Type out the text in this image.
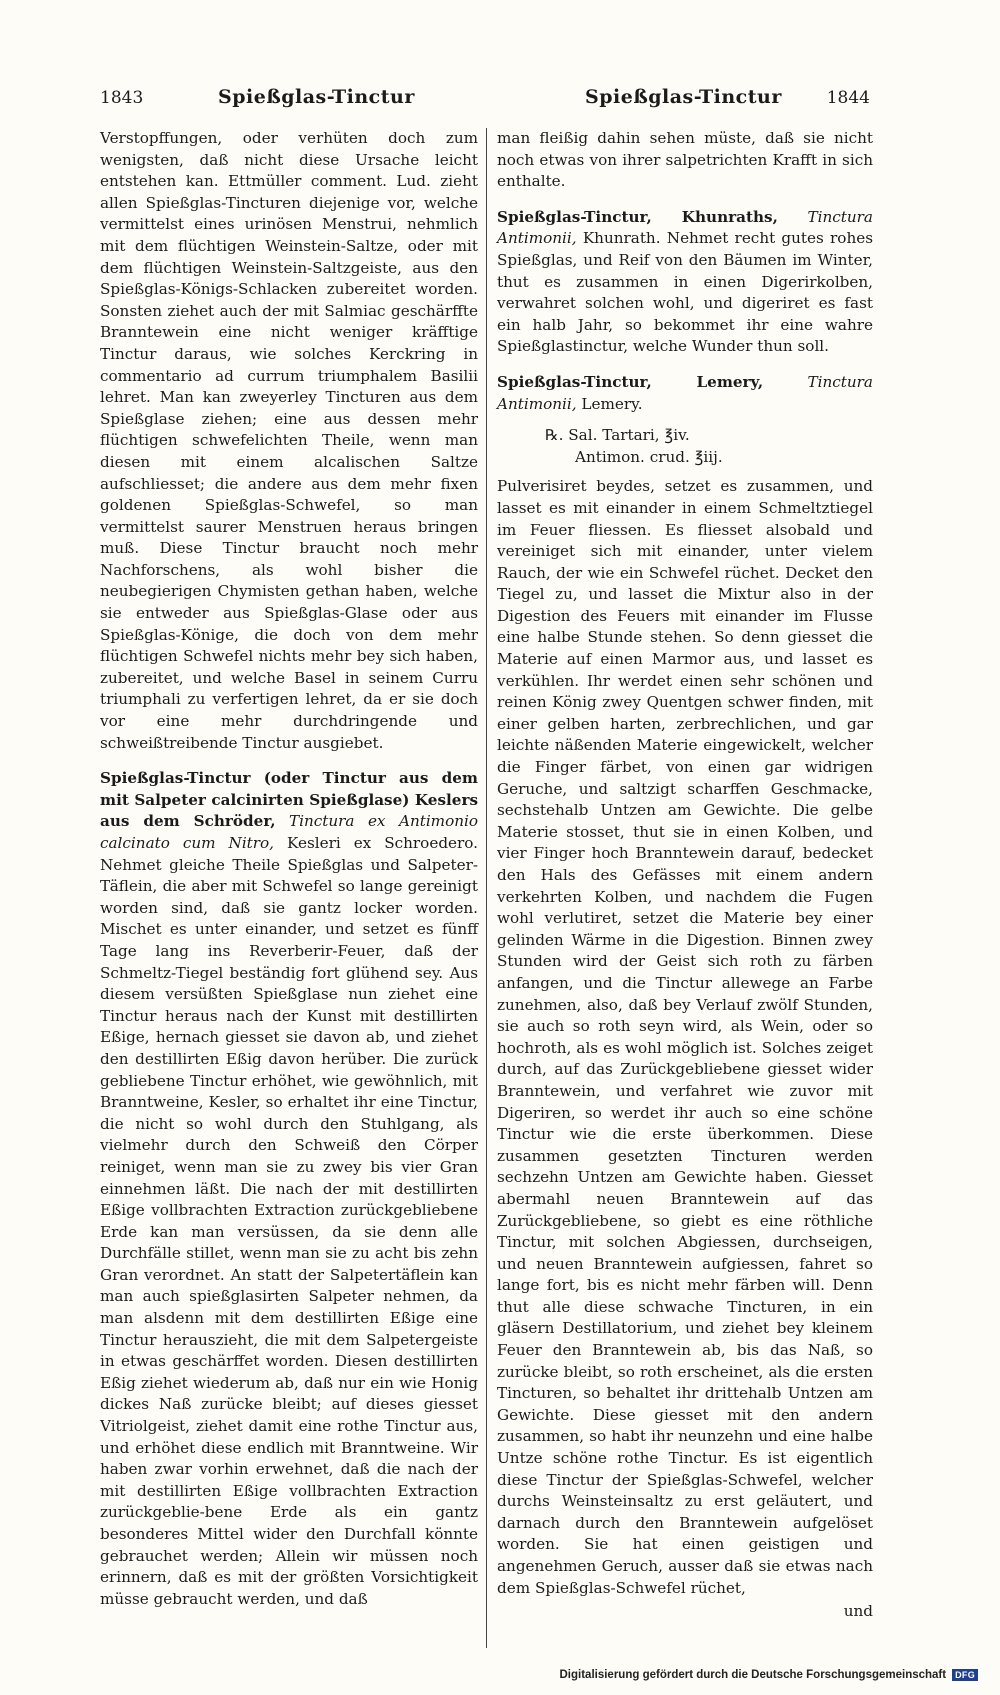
1843	Spießglas-Tinctur	Spießglas-Tinctur	1844

Verstopffungen, oder verhüten doch zum wenigsten, daß nicht diese Ursache leicht entstehen kan. Ettmüller comment. Lud. zieht allen Spießglas-Tincturen diejenige vor, welche vermittelst eines urinösen Menstrui, nehmlich mit dem flüchtigen Weinstein-Saltze, oder mit dem flüchtigen Weinstein-Saltzgeiste, aus den Spießglas-Königs-Schlacken zubereitet worden. Sonsten ziehet auch der mit Salmiac geschärffte Branntewein eine nicht weniger kräfftige Tinctur daraus, wie solches Kerckring in commentario ad currum triumphalem Basilii lehret. Man kan zweyerley Tincturen aus dem Spießglase ziehen; eine aus dessen mehr flüchtigen schwefelichten Theile, wenn man diesen mit einem alcalischen Saltze aufschliesset; die andere aus dem mehr fixen goldenen Spießglas-Schwefel, so man vermittelst saurer Menstruen heraus bringen muß. Diese Tinctur braucht noch mehr Nachforschens, als wohl bisher die neubegierigen Chymisten gethan haben, welche sie entweder aus Spießglas-Glase oder aus Spießglas-Könige, die doch von dem mehr flüchtigen Schwefel nichts mehr bey sich haben, zubereitet, und welche Basel in seinem Curru triumphali zu verfertigen lehret, da er sie doch vor eine mehr durchdringende und schweißtreibende Tinctur ausgiebet.

Spießglas-Tinctur (oder Tinctur aus dem mit Salpeter calcinirten Spießglase) Keslers aus dem Schröder, Tinctura ex Antimonio calcinato cum Nitro, Kesleri ex Schroedero. Nehmet gleiche Theile Spießglas und Salpeter-Täflein, die aber mit Schwefel so lange gereinigt worden sind, daß sie gantz locker worden. Mischet es unter einander, und setzet es fünff Tage lang ins Reverberir-Feuer, daß der Schmeltz-Tiegel beständig fort glühend sey. Aus diesem versüßten Spießglase nun ziehet eine Tinctur heraus nach der Kunst mit destillirten Eßige, hernach giesset sie davon ab, und ziehet den destillirten Eßig davon herüber. Die zurück gebliebene Tinctur erhöhet, wie gewöhnlich, mit Branntweine, Kesler, so erhaltet ihr eine Tinctur, die nicht so wohl durch den Stuhlgang, als vielmehr durch den Schweiß den Cörper reiniget, wenn man sie zu zwey bis vier Gran einnehmen läßt. Die nach der mit destillirten Eßige vollbrachten Extraction zurückgebliebene Erde kan man versüssen, da sie denn alle Durchfälle stillet, wenn man sie zu acht bis zehn Gran verordnet. An statt der Salpetertäflein kan man auch spießglasirten Salpeter nehmen, da man alsdenn mit dem destillirten Eßige eine Tinctur herauszieht, die mit dem Salpetergeiste in etwas geschärffet worden. Diesen destillirten Eßig ziehet wiederum ab, daß nur ein wie Honig dickes Naß zurücke bleibt; auf dieses giesset Vitriolgeist, ziehet damit eine rothe Tinctur aus, und erhöhet diese endlich mit Branntweine. Wir haben zwar vorhin erwehnet, daß die nach der mit destillirten Eßige vollbrachten Extraction zurückgeblie-bene Erde als ein gantz besonderes Mittel wider den Durchfall könnte gebrauchet werden; Allein wir müssen noch erinnern, daß es mit der größten Vorsichtigkeit müsse gebraucht werden, und daß

man fleißig dahin sehen müste, daß sie nicht noch etwas von ihrer salpetrichten Krafft in sich enthalte.

Spießglas-Tinctur, Khunraths, Tinctura Antimonii, Khunrath. Nehmet recht gutes rohes Spießglas, und Reif von den Bäumen im Winter, thut es zusammen in einen Digerirkolben, verwahret solchen wohl, und digeriret es fast ein halb Jahr, so bekommet ihr eine wahre Spießglastinctur, welche Wunder thun soll.

Spießglas-Tinctur, Lemery,	Tinctura Antimonii, Lemery.

℞. Sal. Tartari, ℥iv.
Antimon. crud. ℥iij.

Pulverisiret beydes, setzet es zusammen, und lasset es mit einander in einem Schmeltztiegel im Feuer fliessen. Es fliesset alsobald und vereiniget sich mit einander, unter vielem Rauch, der wie ein Schwefel rüchet. Decket den Tiegel zu, und lasset die Mixtur also in der Digestion des Feuers mit einander im Flusse eine halbe Stunde stehen. So denn giesset die Materie auf einen Marmor aus, und lasset es verkühlen. Ihr werdet einen sehr schönen und reinen König zwey Quentgen schwer finden, mit einer gelben harten, zerbrechlichen, und gar leichte näßenden Materie eingewickelt, welcher die Finger färbet, von einen gar widrigen Geruche, und saltzigt scharffen Geschmacke, sechstehalb Untzen am Gewichte. Die gelbe Materie stosset, thut sie in einen Kolben, und vier Finger hoch Branntewein darauf, bedecket den Hals des Gefässes mit einem andern verkehrten Kolben, und nachdem die Fugen wohl verlutiret, setzet die Materie bey einer gelinden Wärme in die Digestion. Binnen zwey Stunden wird der Geist sich roth zu färben anfangen, und die Tinctur allewege an Farbe zunehmen, also, daß bey Verlauf zwölf Stunden, sie auch so roth seyn wird, als Wein, oder so hochroth, als es wohl möglich ist. Solches zeiget durch, auf das Zurückgebliebene giesset wider Branntewein, und verfahret wie zuvor mit Digeriren, so werdet ihr auch so eine schöne Tinctur wie die erste überkommen. Diese zusammen gesetzten Tincturen werden sechzehn Untzen am Gewichte haben. Giesset abermahl neuen Branntewein auf das Zurückgebliebene, so giebt es eine röthliche Tinctur, mit solchen Abgiessen, durchseigen, und neuen Branntewein aufgiessen, fahret so lange fort, bis es nicht mehr färben will. Denn thut alle diese schwache Tincturen, in ein gläsern Destillatorium, und ziehet bey kleinem Feuer den Branntewein ab, bis das Naß, so zurücke bleibt, so roth erscheinet, als die ersten Tincturen, so behaltet ihr drittehalb Untzen am Gewichte. Diese giesset mit den andern zusammen, so habt ihr neunzehn und eine halbe Untze schöne rothe Tinctur. Es ist eigentlich diese Tinctur der Spießglas-Schwefel, welcher durchs Weinsteinsaltz zu erst geläutert, und darnach durch den Branntewein aufgelöset worden. Sie hat einen geistigen und angenehmen Geruch, ausser daß sie etwas nach dem Spießglas-Schwefel rüchet,

und

Digitalisierung gefördert durch die Deutsche Forschungsgemeinschaft	DFG
